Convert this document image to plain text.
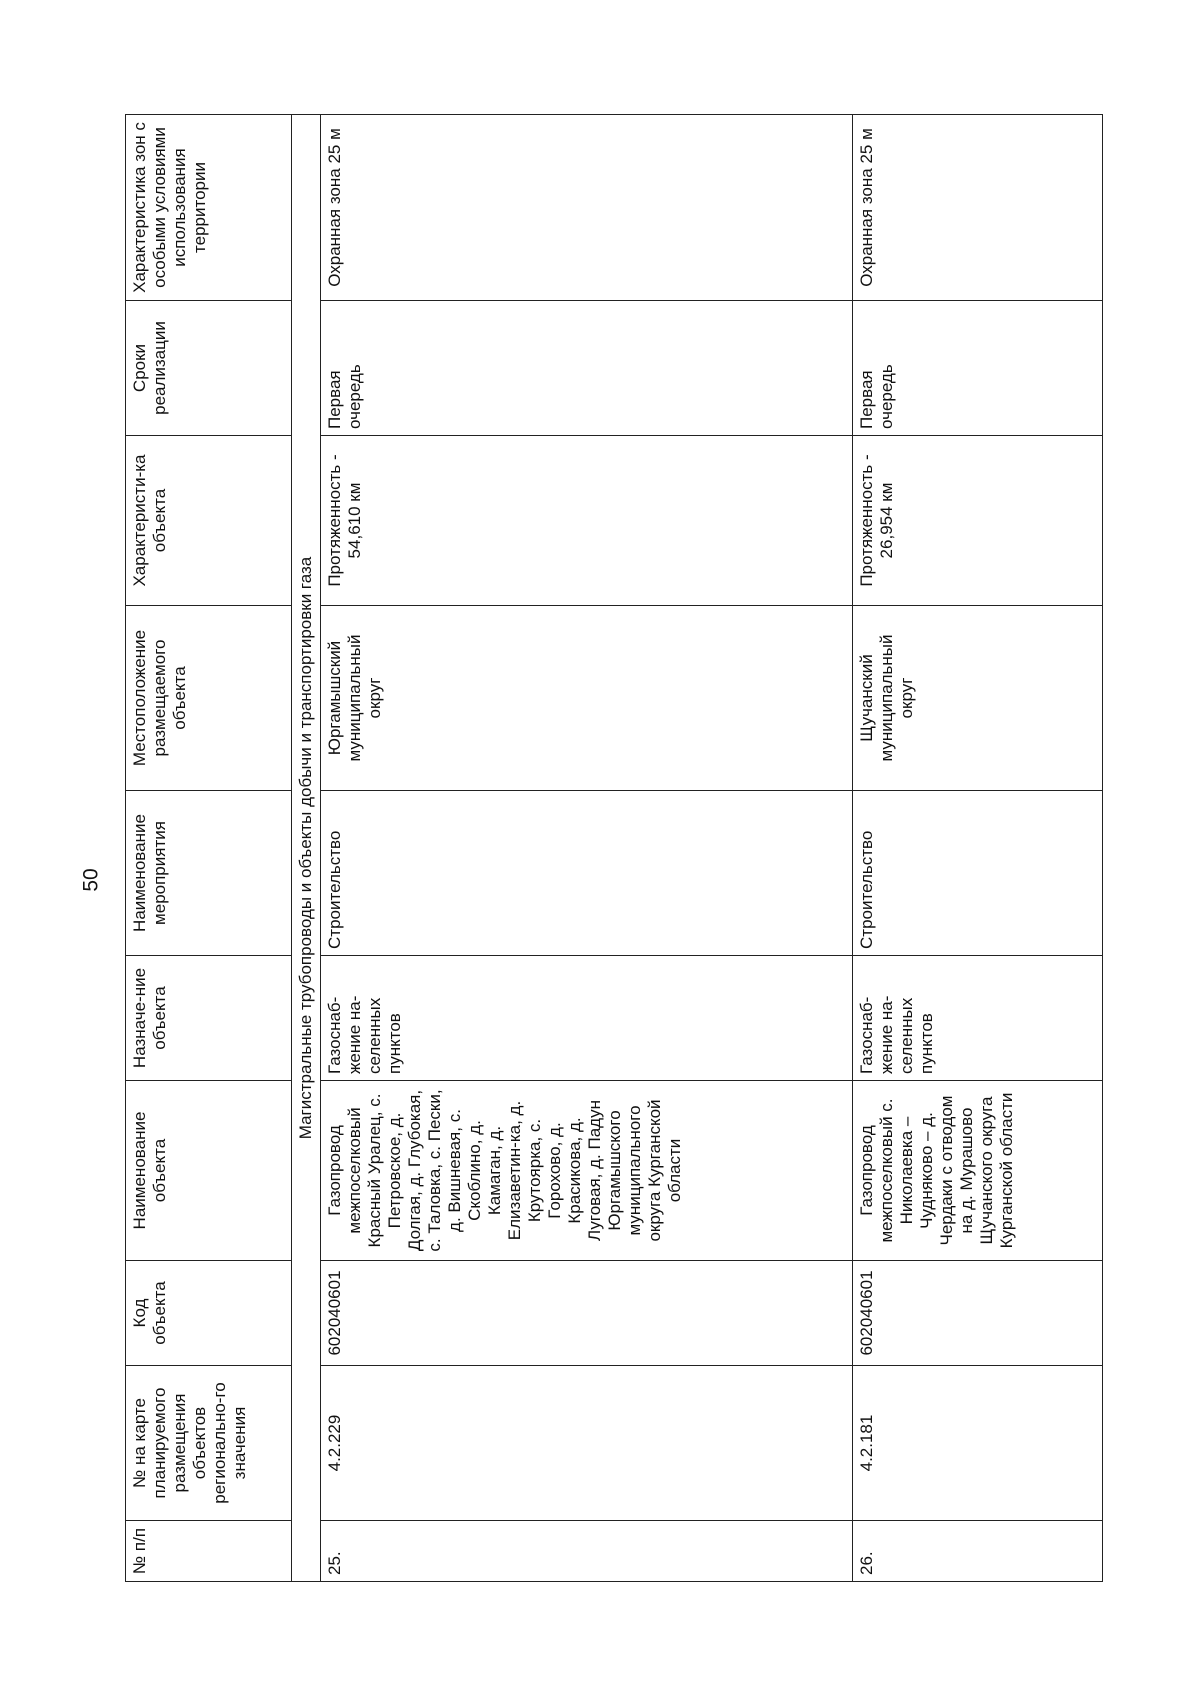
50
№ п/п	№ на карте планируемого размещения объектов регионально-го значения	Код объекта	Наименование объекта	Назначе-ние объекта	Наименование мероприятия	Местоположение размещаемого объекта	Характеристи-ка объекта	Сроки реализации	Характеристика зон с особыми условиями использования территории
Магистральные трубопроводы и объекты добычи и транспортировки газа									
25.	4.2.229	602040601	Газопровод межпоселковый Красный Уралец, с. Петровское, д. Долгая, д. Глубокая, с. Таловка, с. Пески, д. Вишневая, с. Скоблино, д. Камаган, д. Елизаветин-ка, д. Крутоярка, с. Горохово, д. Красикова, д. Луговая, д. Падун Юргамышского муниципального округа Курганской области	Газоснаб-жение на-селенных пунктов	Строительство	Юргамышский муниципальный округ	Протяженность - 54,610 км	Первая очередь	Охранная зона 25 м
26.	4.2.181	602040601	Газопровод межпоселковый с. Николаевка – Чудняково – д. Чердаки с отводом на д. Мурашово Щучанского округа Курганской области	Газоснаб-жение на-селенных пунктов	Строительство	Щучанский муниципальный округ	Протяженность - 26,954 км	Первая очередь	Охранная зона 25 м
